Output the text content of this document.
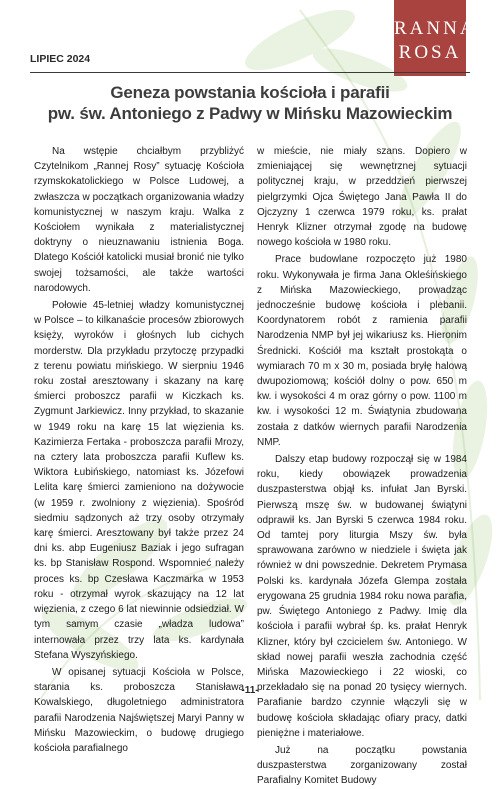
RANNA
ROSA
LIPIEC 2024
Geneza powstania kościoła i parafii
pw. św. Antoniego z Padwy w Mińsku Mazowieckim

Na wstępie chciałbym przybliżyć Czytelnikom „Rannej Rosy” sytuację Kościoła rzymskokatolickiego w Polsce Ludowej, a zwłaszcza w początkach organizowania władzy komunistycznej w naszym kraju. Walka z Kościołem wynikała z materialistycznej doktryny o nieuznawaniu istnienia Boga. Dlatego Kościół katolicki musiał bronić nie tylko swojej tożsamości, ale także wartości narodowych.

Połowie 45-letniej władzy komunistycznej w Polsce – to kilkanaście procesów zbiorowych księży, wyroków i głośnych lub cichych morderstw. Dla przykładu przytoczę przypadki z terenu powiatu mińskiego. W sierpniu 1946 roku został aresztowany i skazany na karę śmierci proboszcz parafii w Kiczkach ks. Zygmunt Jarkiewicz. Inny przykład, to skazanie w 1949 roku na karę 15 lat więzienia ks. Kazimierza Fertaka - proboszcza parafii Mrozy, na cztery lata proboszcza parafii Kuflew ks. Wiktora Łubińskiego, natomiast ks. Józefowi Lelita karę śmierci zamieniono na dożywocie (w 1959 r. zwolniony z więzienia). Spośród siedmiu sądzonych aż trzy osoby otrzymały karę śmierci. Aresztowany był także przez 24 dni ks. abp Eugeniusz Baziak i jego sufragan ks. bp Stanisław Rospond. Wspomnieć należy proces ks. bp Czesława Kaczmarka w 1953 roku - otrzymał wyrok skazujący na 12 lat więzienia, z czego 6 lat niewinnie odsiedział. W tym samym czasie „władza ludowa” internowała przez trzy lata ks. kardynała Stefana Wyszyńskiego.

W opisanej sytuacji Kościoła w Polsce, starania ks. proboszcza Stanisława Kowalskiego, długoletniego administratora parafii Narodzenia Najświętszej Maryi Panny w Mińsku Mazowieckim, o budowę drugiego kościoła parafialnego

w mieście, nie miały szans. Dopiero w zmieniającej się wewnętrznej sytuacji politycznej kraju, w przeddzień pierwszej pielgrzymki Ojca Świętego Jana Pawła II do Ojczyzny 1 czerwca 1979 roku, ks. prałat Henryk Klizner otrzymał zgodę na budowę nowego kościoła w 1980 roku.

Prace budowlane rozpoczęto już 1980 roku. Wykonywała je firma Jana Okleśińskiego z Mińska Mazowieckiego, prowadząc jednocześnie budowę kościoła i plebanii. Koordynatorem robót z ramienia parafii Narodzenia NMP był jej wikariusz ks. Hieronim Średnicki. Kościół ma kształt prostokąta o wymiarach 70 m x 30 m, posiada bryłę halową dwupoziomową; kościół dolny o pow. 650 m kw. i wysokości 4 m oraz górny o pow. 1100 m kw. i wysokości 12 m. Świątynia zbudowana została z datków wiernych parafii Narodzenia NMP.

Dalszy etap budowy rozpoczął się w 1984 roku, kiedy obowiązek prowadzenia duszpasterstwa objął ks. infułat Jan Byrski. Pierwszą mszę św. w budowanej świątyni odprawił ks. Jan Byrski 5 czerwca 1984 roku. Od tamtej pory liturgia Mszy św. była sprawowana zarówno w niedziele i święta jak również w dni powszednie. Dekretem Prymasa Polski ks. kardynała Józefa Glempa została erygowana 25 grudnia 1984 roku nowa parafia, pw. Świętego Antoniego z Padwy. Imię dla kościoła i parafii wybrał śp. ks. prałat Henryk Klizner, który był czcicielem św. Antoniego. W skład nowej parafii weszła zachodnia część Mińska Mazowieckiego i 22 wioski, co przekładało się na ponad 20 tysięcy wiernych. Parafianie bardzo czynnie włączyli się w budowę kościoła składając ofiary pracy, datki pieniężne i materiałowe.

Już na początku powstania duszpasterstwa zorganizowany został Parafialny Komitet Budowy

-11-
